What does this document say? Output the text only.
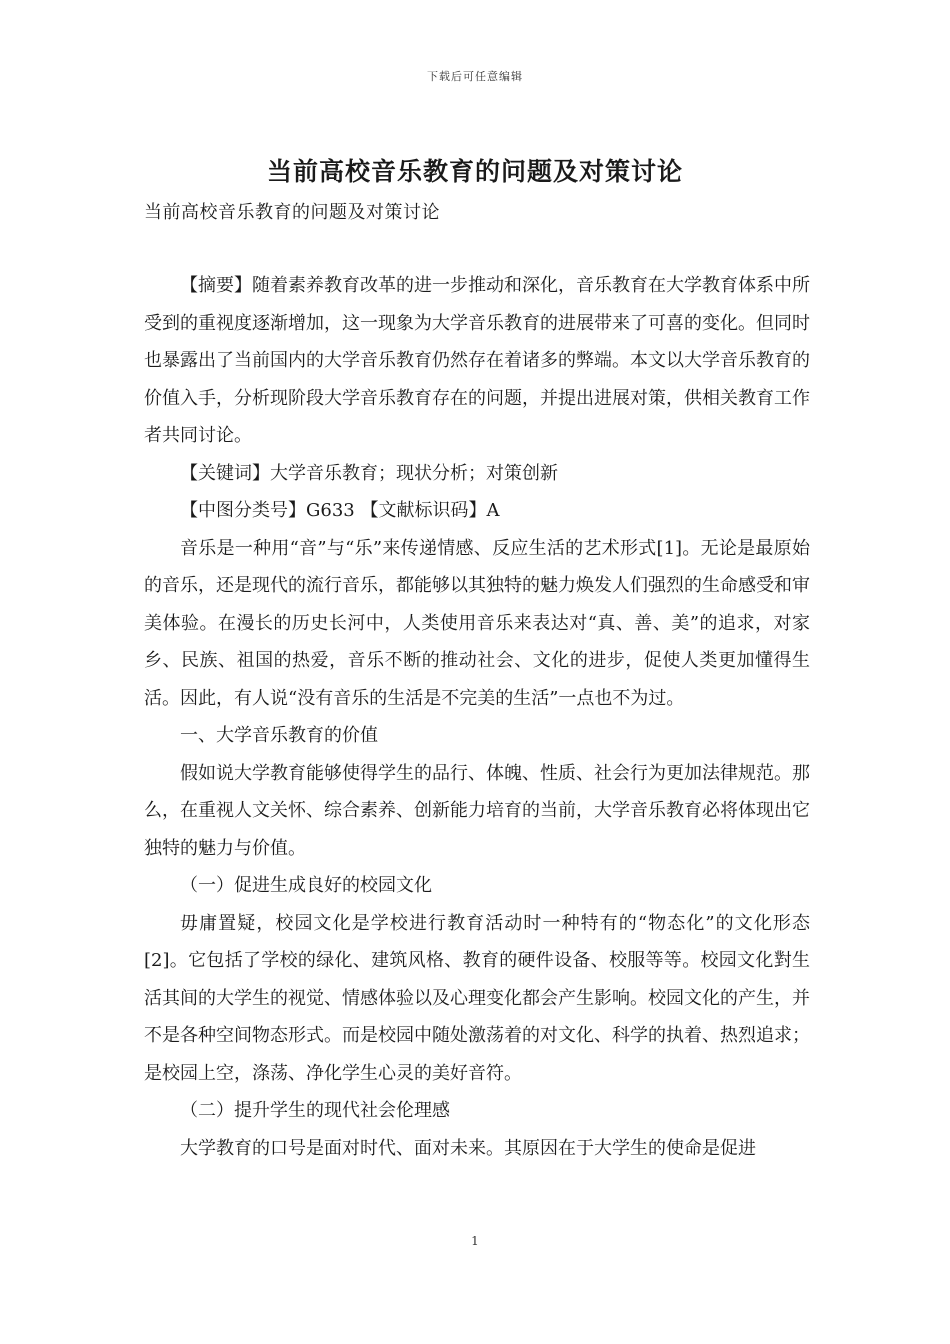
下载后可任意编辑
当前高校音乐教育的问题及对策讨论
当前高校音乐教育的问题及对策讨论

【摘要】随着素养教育改革的进一步推动和深化，音乐教育在大学教育体系中所受到的重视度逐渐增加，这一现象为大学音乐教育的进展带来了可喜的变化。但同时也暴露出了当前国内的大学音乐教育仍然存在着诸多的弊端。本文以大学音乐教育的价值入手，分析现阶段大学音乐教育存在的问题，并提出进展对策，供相关教育工作者共同讨论。

【关键词】大学音乐教育；现状分析；对策创新

【中图分类号】G633 【文献标识码】A

音乐是一种用“音”与“乐”来传递情感、反应生活的艺术形式[1]。无论是最原始的音乐，还是现代的流行音乐，都能够以其独特的魅力焕发人们强烈的生命感受和审美体验。在漫长的历史长河中，人类使用音乐来表达对“真、善、美”的追求，对家乡、民族、祖国的热爱，音乐不断的推动社会、文化的进步，促使人类更加懂得生活。因此，有人说“没有音乐的生活是不完美的生活”一点也不为过。

一、大学音乐教育的价值

假如说大学教育能够使得学生的品行、体魄、性质、社会行为更加法律规范。那么，在重视人文关怀、综合素养、创新能力培育的当前，大学音乐教育必将体现出它独特的魅力与价值。

（一）促进生成良好的校园文化

毋庸置疑，校园文化是学校进行教育活动时一种特有的“物态化”的文化形态[2]。它包括了学校的绿化、建筑风格、教育的硬件设备、校服等等。校园文化對生活其间的大学生的视觉、情感体验以及心理变化都会产生影响。校园文化的产生，并不是各种空间物态形式。而是校园中随处激荡着的对文化、科学的执着、热烈追求；是校园上空，涤荡、净化学生心灵的美好音符。

（二）提升学生的现代社会伦理感

大学教育的口号是面对时代、面对未来。其原因在于大学生的使命是促进

1
